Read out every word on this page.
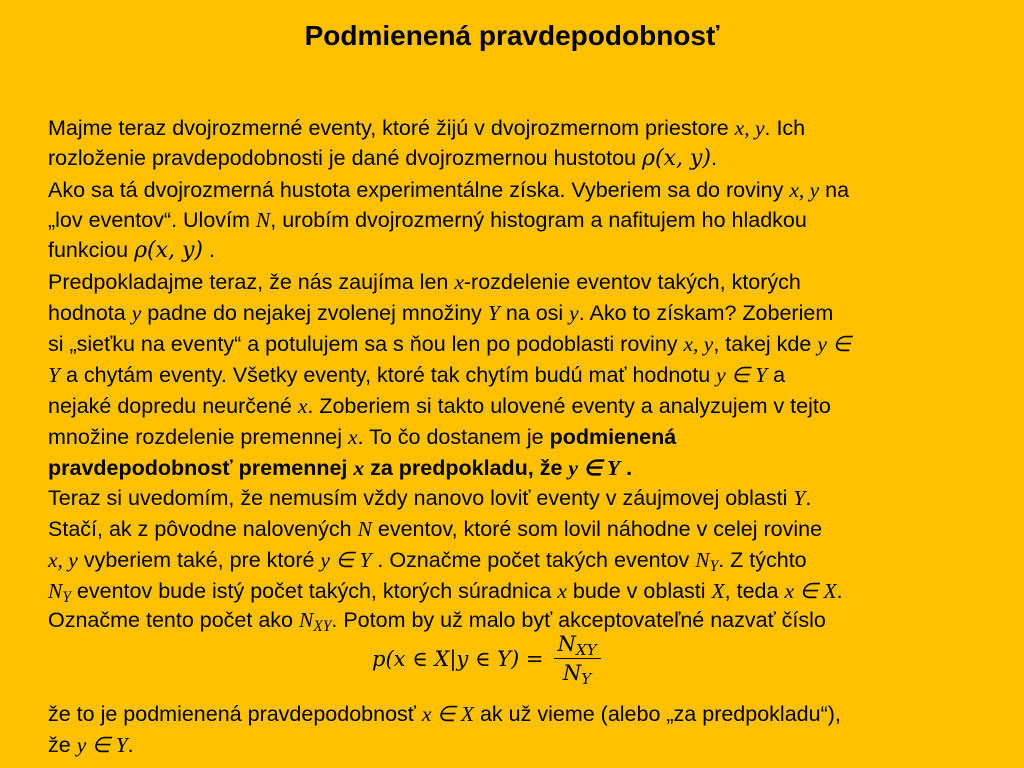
Podmienená pravdepodobnosť
Majme teraz dvojrozmerné eventy, ktoré žijú v dvojrozmernom priestore x, y. Ich
rozloženie pravdepodobnosti je dané dvojrozmernou hustotou ρ(x, y).
Ako sa tá dvojrozmerná hustota experimentálne získa. Vyberiem sa do roviny x, y na
„lov eventov“. Ulovím N, urobím dvojrozmerný histogram a nafitujem ho hladkou
funkciou ρ(x, y) .
Predpokladajme teraz, že nás zaujíma len x-rozdelenie eventov takých, ktorých
hodnota y padne do nejakej zvolenej množiny Y na osi y. Ako to získam? Zoberiem
si „sieťku na eventy“ a potulujem sa s ňou len po podoblasti roviny x, y, takej kde y ∈
Y a chytám eventy. Všetky eventy, ktoré tak chytím budú mať hodnotu y ∈ Y a
nejaké dopredu neurčené x. Zoberiem si takto ulovené eventy a analyzujem v tejto
množine rozdelenie premennej x. To čo dostanem je podmienená
pravdepodobnosť premennej x za predpokladu, že y ∈ Y .
Teraz si uvedomím, že nemusím vždy nanovo loviť eventy v záujmovej oblasti Y.
Stačí, ak z pôvodne nalovených N eventov, ktoré som lovil náhodne v celej rovine
x, y vyberiem také, pre ktoré y ∈ Y . Označme počet takých eventov $N_Y$. Z týchto
$N_Y$ eventov bude istý počet takých, ktorých súradnica x bude v oblasti X, teda x ∈ X.
Označme tento počet ako $N_{XY}$. Potom by už malo byť akceptovateľné nazvať číslo
p(x ∈ X|y ∈ $Y) = \frac{N_{XY}}{N_Y}$
že to je podmienená pravdepodobnosť x ∈ X ak už vieme (alebo „za predpokladu“),
že y ∈ Y.
